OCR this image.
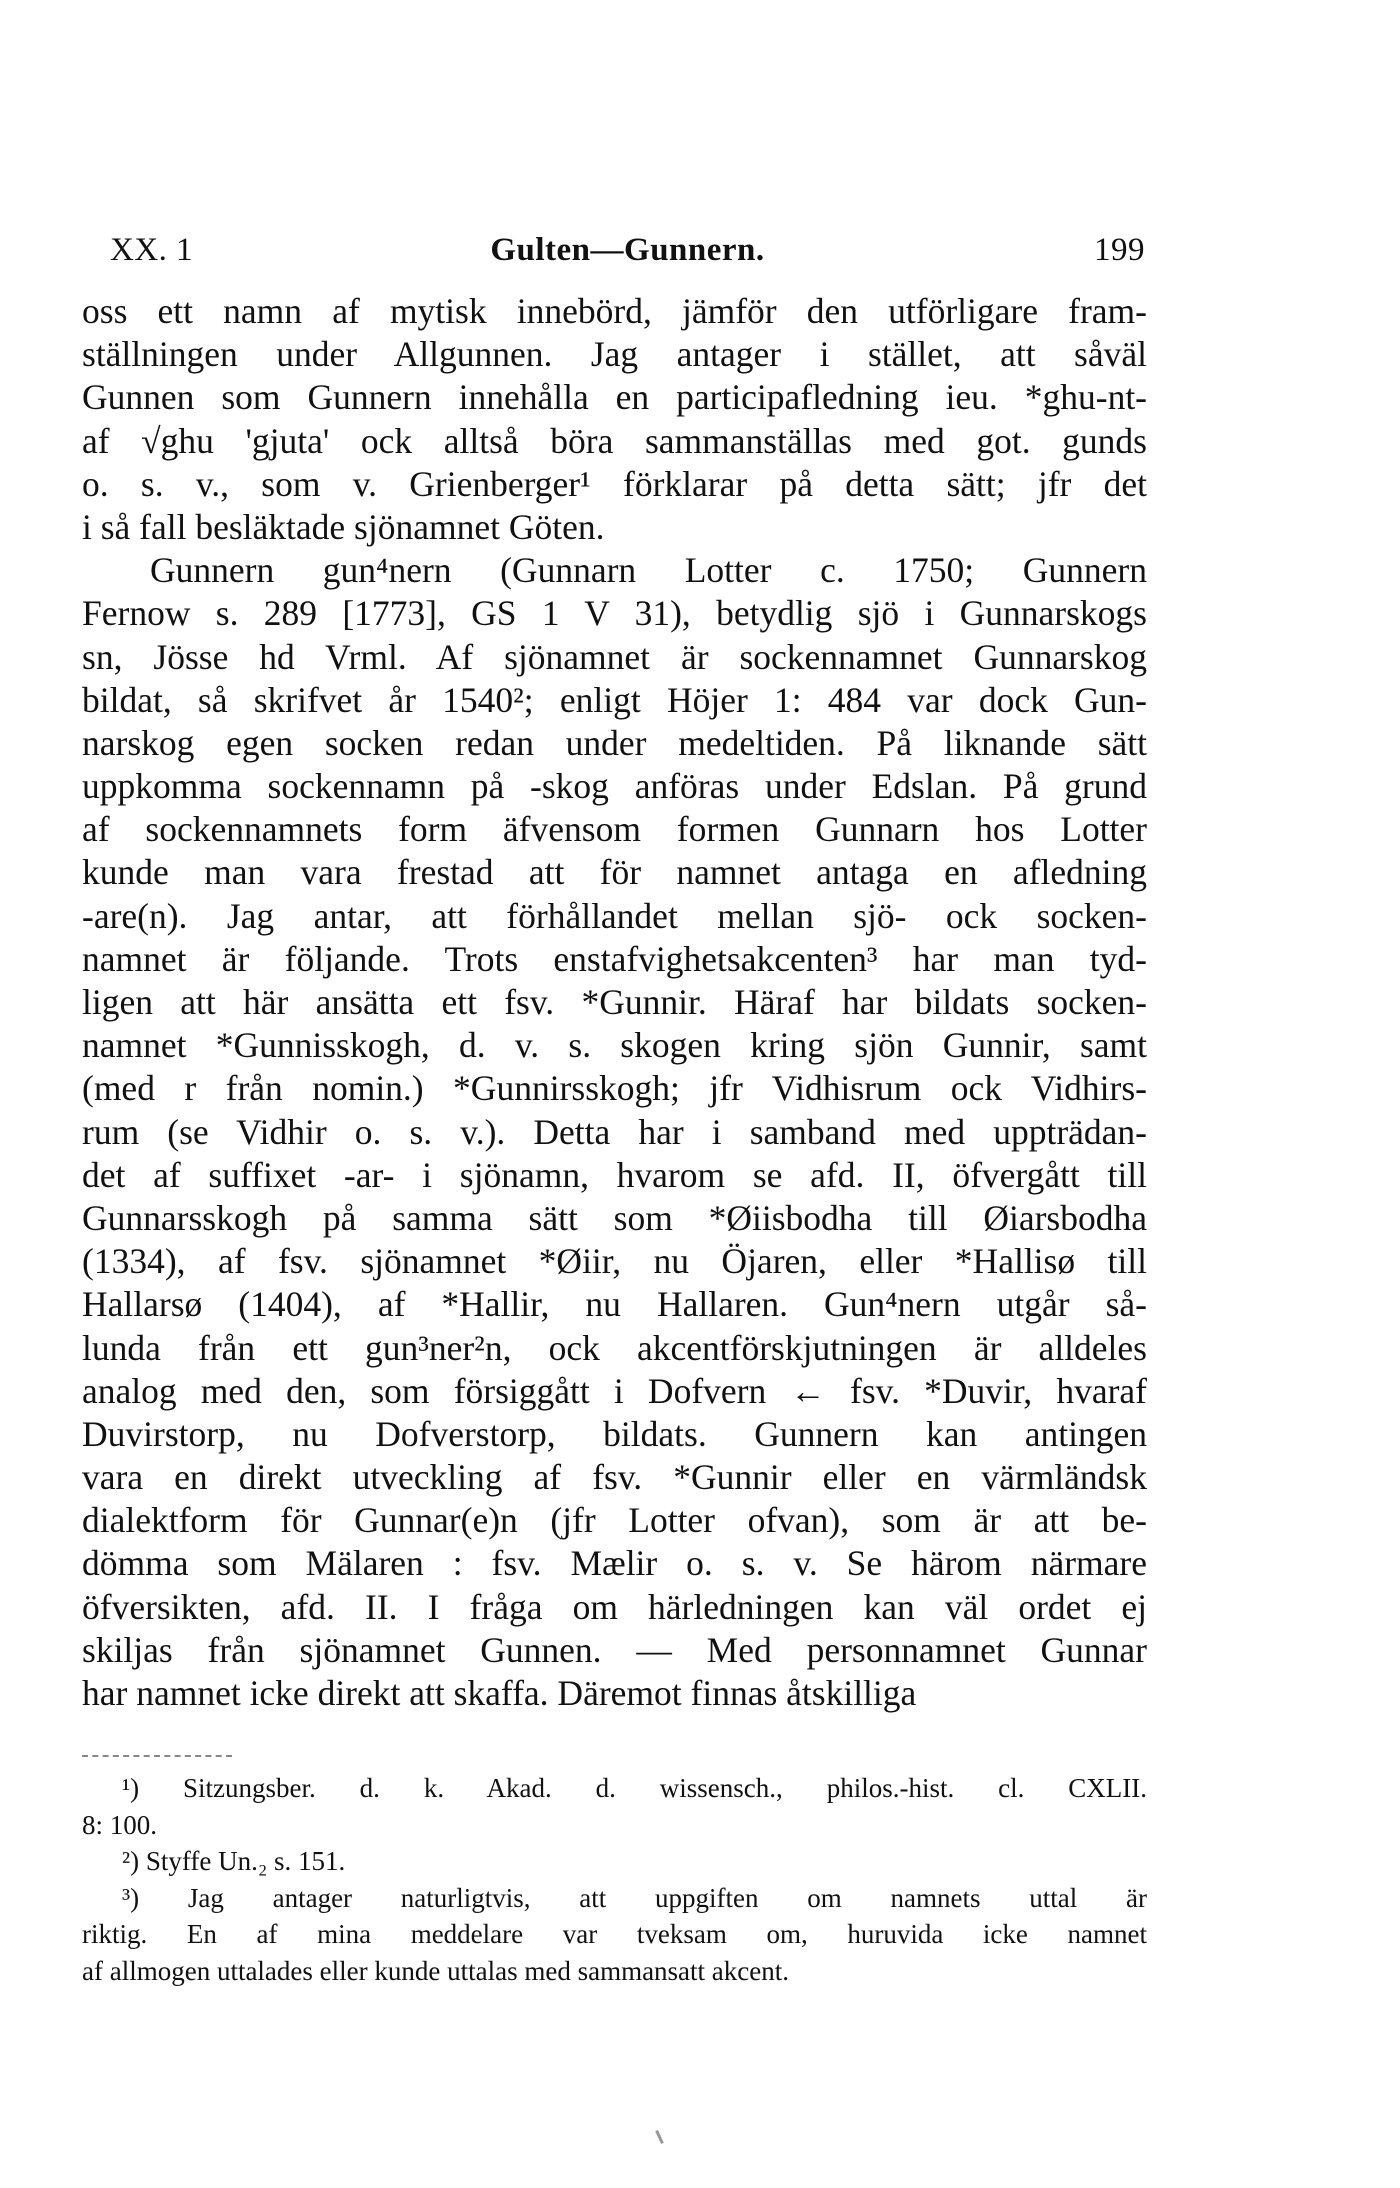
XX. 1	Gulten—Gunnern.	199
oss ett namn af mytisk innebörd, jämför den utförligare fram-
ställningen under Allgunnen. Jag antager i stället, att såväl
Gunnen som Gunnern innehålla en participafledning ieu. *ghu-nt-
af √ghu 'gjuta' ock alltså böra sammanställas med got. gunds
o. s. v., som v. Grienberger¹ förklarar på detta sätt; jfr det
i så fall besläktade sjönamnet Göten.
Gunnern gun⁴nern (Gunnarn Lotter c. 1750; Gunnern
Fernow s. 289 [1773], GS 1 V 31), betydlig sjö i Gunnarskogs
sn, Jösse hd Vrml. Af sjönamnet är sockennamnet Gunnarskog
bildat, så skrifvet år 1540²; enligt Höjer 1: 484 var dock Gun-
narskog egen socken redan under medeltiden. På liknande sätt
uppkomma sockennamn på -skog anföras under Edslan. På grund
af sockennamnets form äfvensom formen Gunnarn hos Lotter
kunde man vara frestad att för namnet antaga en afledning
-are(n). Jag antar, att förhållandet mellan sjö- ock socken-
namnet är följande. Trots enstafvighetsakcenten³ har man tyd-
ligen att här ansätta ett fsv. *Gunnir. Häraf har bildats socken-
namnet *Gunnisskogh, d. v. s. skogen kring sjön Gunnir, samt
(med r från nomin.) *Gunnirsskogh; jfr Vidhisrum ock Vidhirs-
rum (se Vidhir o. s. v.). Detta har i samband med uppträdan-
det af suffixet -ar- i sjönamn, hvarom se afd. II, öfvergått till
Gunnarsskogh på samma sätt som *Øiisbodha till Øiarsbodha
(1334), af fsv. sjönamnet *Øiir, nu Öjaren, eller *Hallisø till
Hallarsø (1404), af *Hallir, nu Hallaren. Gun⁴nern utgår så-
lunda från ett gun³ner²n, ock akcentförskjutningen är alldeles
analog med den, som försiggått i Dofvern ← fsv. *Duvir, hvaraf
Duvirstorp, nu Dofverstorp, bildats. Gunnern kan antingen
vara en direkt utveckling af fsv. *Gunnir eller en värmländsk
dialektform för Gunnar(e)n (jfr Lotter ofvan), som är att be-
dömma som Mälaren : fsv. Mælir o. s. v. Se härom närmare
öfversikten, afd. II. I fråga om härledningen kan väl ordet ej
skiljas från sjönamnet Gunnen. — Med personnamnet Gunnar
har namnet icke direkt att skaffa. Däremot finnas åtskilliga
¹) Sitzungsber. d. k. Akad. d. wissensch., philos.-hist. cl. CXLII.
8: 100.
²) Styffe Un.₂ s. 151.
³) Jag antager naturligtvis, att uppgiften om namnets uttal är
riktig. En af mina meddelare var tveksam om, huruvida icke namnet
af allmogen uttalades eller kunde uttalas med sammansatt akcent.
